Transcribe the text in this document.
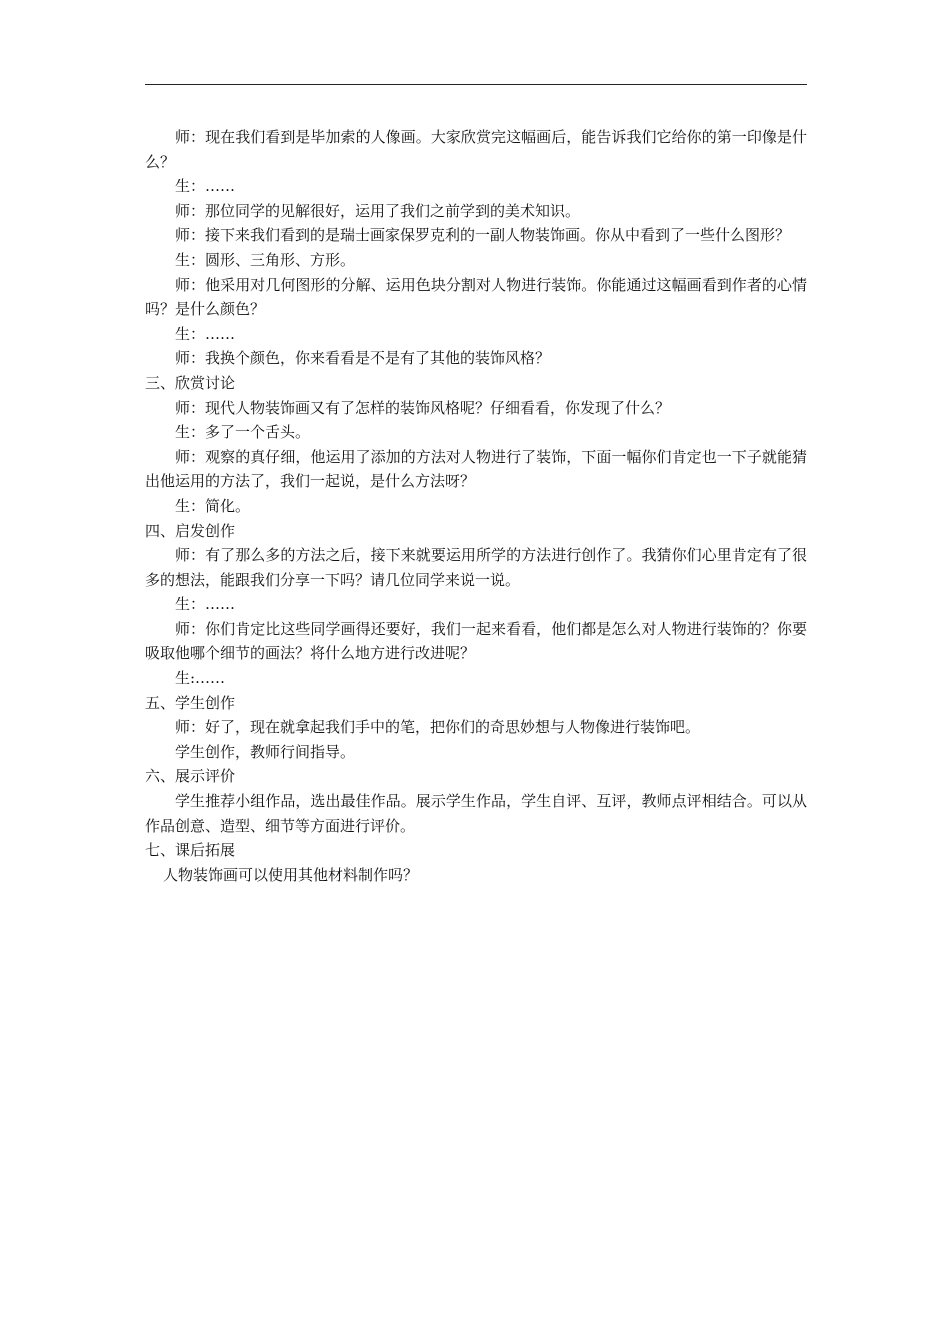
师：现在我们看到是毕加索的人像画。大家欣赏完这幅画后，能告诉我们它给你的第一印像是什么？

生：……

师：那位同学的见解很好，运用了我们之前学到的美术知识。

师：接下来我们看到的是瑞士画家保罗克利的一副人物装饰画。你从中看到了一些什么图形？

生：圆形、三角形、方形。

师：他采用对几何图形的分解、运用色块分割对人物进行装饰。你能通过这幅画看到作者的心情吗？是什么颜色？

生：……

师：我换个颜色，你来看看是不是有了其他的装饰风格？

三、欣赏讨论

师：现代人物装饰画又有了怎样的装饰风格呢？仔细看看，你发现了什么？

生：多了一个舌头。

师：观察的真仔细，他运用了添加的方法对人物进行了装饰，下面一幅你们肯定也一下子就能猜出他运用的方法了，我们一起说，是什么方法呀？

生：简化。

四、启发创作

师：有了那么多的方法之后，接下来就要运用所学的方法进行创作了。我猜你们心里肯定有了很多的想法，能跟我们分享一下吗？请几位同学来说一说。

生：……

师：你们肯定比这些同学画得还要好，我们一起来看看，他们都是怎么对人物进行装饰的？你要吸取他哪个细节的画法？将什么地方进行改进呢？

生:……

五、学生创作

师：好了，现在就拿起我们手中的笔，把你们的奇思妙想与人物像进行装饰吧。

学生创作，教师行间指导。

六、展示评价

学生推荐小组作品，选出最佳作品。展示学生作品，学生自评、互评，教师点评相结合。可以从作品创意、造型、细节等方面进行评价。

七、课后拓展

人物装饰画可以使用其他材料制作吗？
